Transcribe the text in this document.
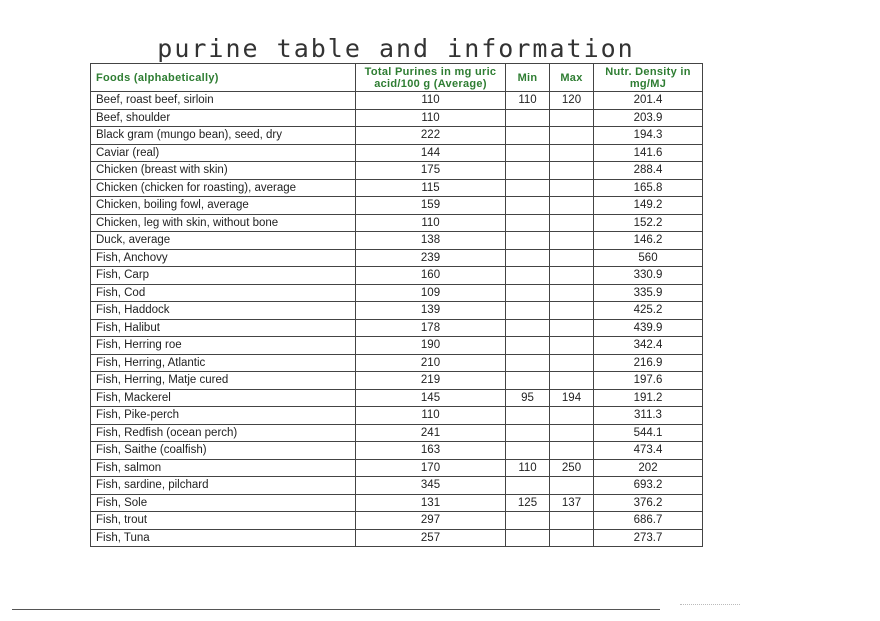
purine table and information
Foods (alphabetically)	Total Purines in mg uric acid/100 g (Average)	Min	Max	Nutr. Density in mg/MJ
Beef, roast beef, sirloin	110	110	120	201.4
Beef, shoulder	110			203.9
Black gram (mungo bean), seed, dry	222			194.3
Caviar (real)	144			141.6
Chicken (breast with skin)	175			288.4
Chicken (chicken for roasting), average	115			165.8
Chicken, boiling fowl, average	159			149.2
Chicken, leg with skin, without bone	110			152.2
Duck, average	138			146.2
Fish, Anchovy	239			560
Fish, Carp	160			330.9
Fish, Cod	109			335.9
Fish, Haddock	139			425.2
Fish, Halibut	178			439.9
Fish, Herring roe	190			342.4
Fish, Herring, Atlantic	210			216.9
Fish, Herring, Matje cured	219			197.6
Fish, Mackerel	145	95	194	191.2
Fish, Pike-perch	110			311.3
Fish, Redfish (ocean perch)	241			544.1
Fish, Saithe (coalfish)	163			473.4
Fish, salmon	170	110	250	202
Fish, sardine, pilchard	345			693.2
Fish, Sole	131	125	137	376.2
Fish, trout	297			686.7
Fish, Tuna	257			273.7
